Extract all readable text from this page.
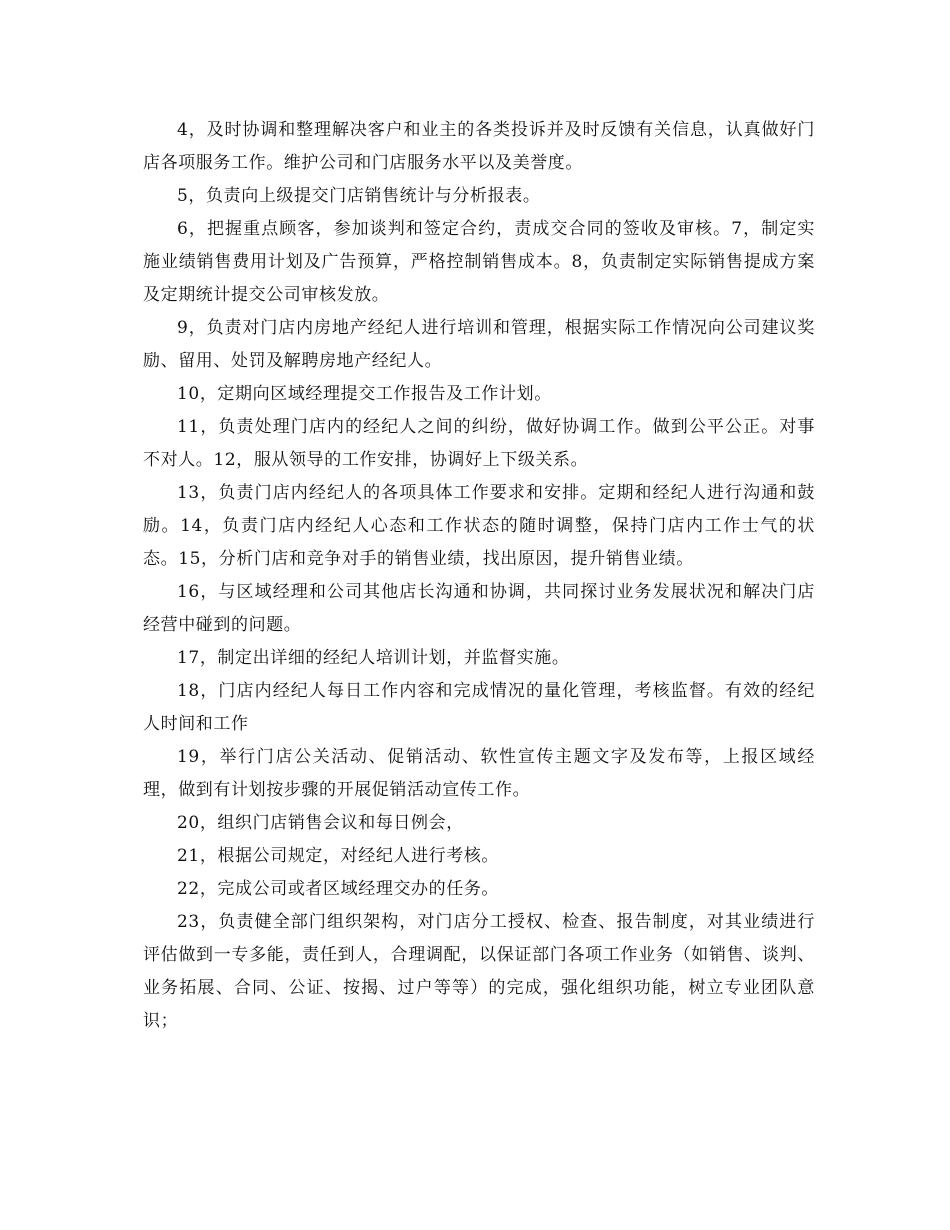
4，及时协调和整理解决客户和业主的各类投诉并及时反馈有关信息，认真做好门店各项服务工作。维护公司和门店服务水平以及美誉度。

5，负责向上级提交门店销售统计与分析报表。

6，把握重点顾客，参加谈判和签定合约，责成交合同的签收及审核。7，制定实施业绩销售费用计划及广告预算，严格控制销售成本。8，负责制定实际销售提成方案及定期统计提交公司审核发放。

9，负责对门店内房地产经纪人进行培训和管理，根据实际工作情况向公司建议奖励、留用、处罚及解聘房地产经纪人。

10，定期向区域经理提交工作报告及工作计划。

11，负责处理门店内的经纪人之间的纠纷，做好协调工作。做到公平公正。对事不对人。12，服从领导的工作安排，协调好上下级关系。

13，负责门店内经纪人的各项具体工作要求和安排。定期和经纪人进行沟通和鼓励。14，负责门店内经纪人心态和工作状态的随时调整，保持门店内工作士气的状态。15，分析门店和竞争对手的销售业绩，找出原因，提升销售业绩。

16，与区域经理和公司其他店长沟通和协调，共同探讨业务发展状况和解决门店经营中碰到的问题。

17，制定出详细的经纪人培训计划，并监督实施。

18，门店内经纪人每日工作内容和完成情况的量化管理，考核监督。有效的经纪人时间和工作

19，举行门店公关活动、促销活动、软性宣传主题文字及发布等，上报区域经理，做到有计划按步骤的开展促销活动宣传工作。

20，组织门店销售会议和每日例会，

21，根据公司规定，对经纪人进行考核。

22，完成公司或者区域经理交办的任务。

23，负责健全部门组织架构，对门店分工授权、检查、报告制度，对其业绩进行评估做到一专多能，责任到人，合理调配，以保证部门各项工作业务（如销售、谈判、业务拓展、合同、公证、按揭、过户等等）的完成，强化组织功能，树立专业团队意识；
